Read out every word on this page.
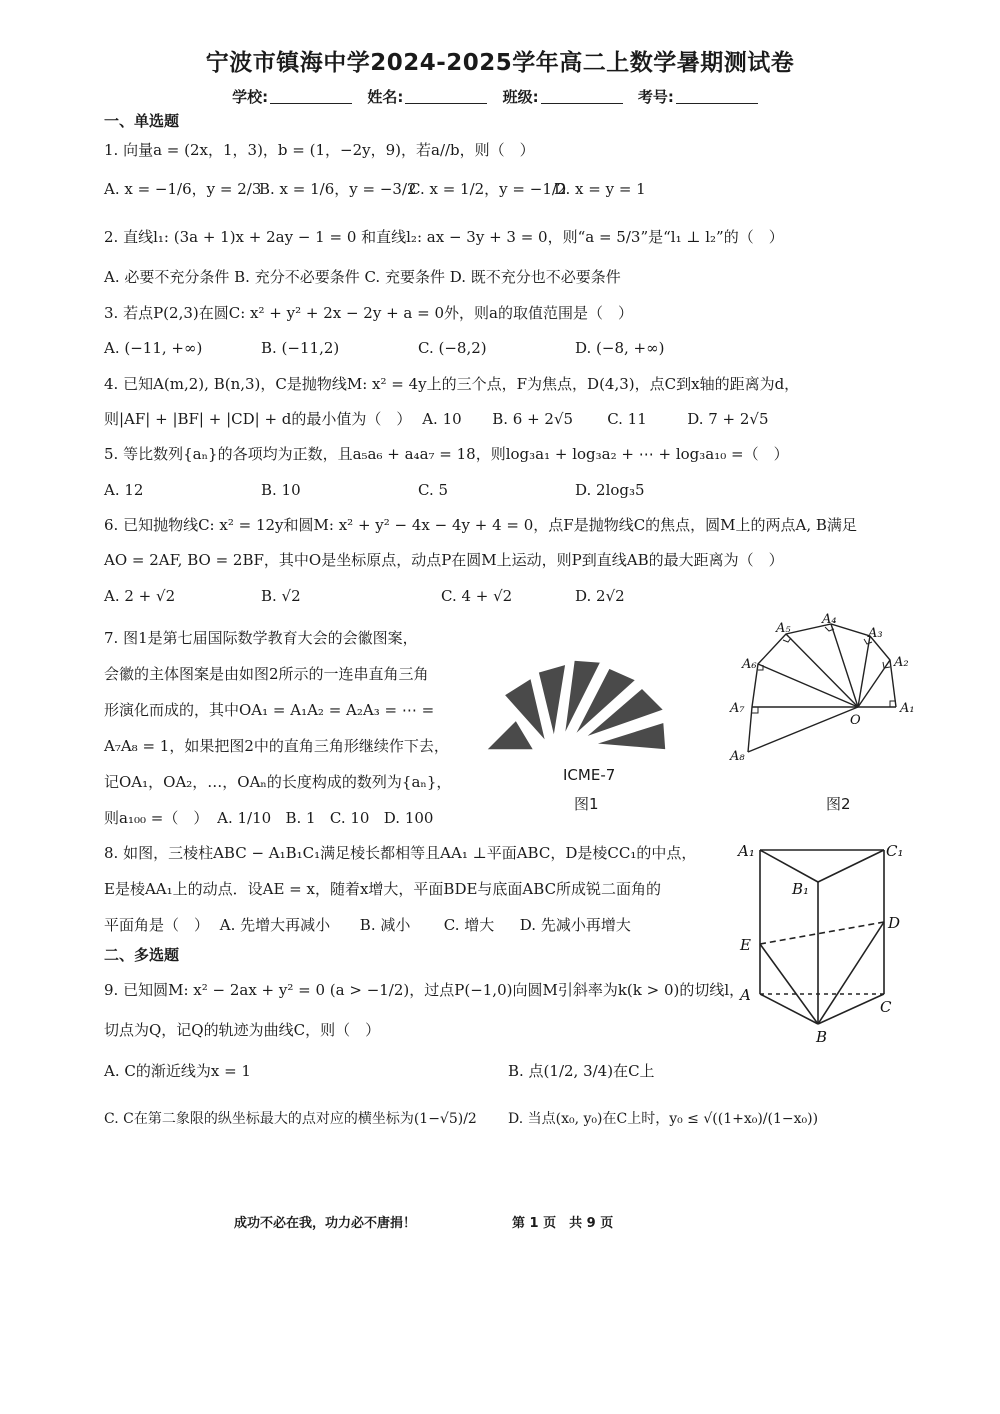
宁波市镇海中学2024-2025学年高二上数学暑期测试卷
学校:	姓名:	班级:	考号:
一、单选题
1. 向量a = (2x，1，3)，b = (1，−2y，9)，若a//b，则（　）
A. x = −1/6，y = 2/3B. x = 1/6，y = −3/2C. x = 1/2，y = −1/2D. x = y = 1
2. 直线l₁: (3a + 1)x + 2ay − 1 = 0 和直线l₂: ax − 3y + 3 = 0，则“a = 5/3”是“l₁ ⊥ l₂”的（　）
A. 必要不充分条件 B. 充分不必要条件 C. 充要条件 D. 既不充分也不必要条件
3. 若点P(2,3)在圆C: x² + y² + 2x − 2y + a = 0外，则a的取值范围是（　）
A. (−11, +∞)	B. (−11,2)	C. (−8,2)	D. (−8, +∞)
4. 已知A(m,2), B(n,3)，C是抛物线M: x² = 4y上的三个点，F为焦点，D(4,3)，点C到x轴的距离为d，
则|AF| + |BF| + |CD| + d的最小值为（　） A. 10 B. 6 + 2√5 C. 11	D. 7 + 2√5
5. 等比数列{aₙ}的各项均为正数，且a₅a₆ + a₄a₇ = 18，则log₃a₁ + log₃a₂ + ⋯ + log₃a₁₀ =（　）
A. 12	B. 10	C. 5	D. 2log₃5
6. 已知抛物线C: x² = 12y和圆M: x² + y² − 4x − 4y + 4 = 0，点F是抛物线C的焦点，圆M上的两点A, B满足
AO = 2AF, BO = 2BF，其中O是坐标原点，动点P在圆M上运动，则P到直线AB的最大距离为（　）
A. 2 + √2	B. √2	C. 4 + √2	D. 2√2
7. 图1是第七届国际数学教育大会的会徽图案，
会徽的主体图案是由如图2所示的一连串直角三角
形演化而成的，其中OA₁ = A₁A₂ = A₂A₃ = ⋯ =
A₇A₈ = 1，如果把图2中的直角三角形继续作下去，
记OA₁，OA₂，…，OAₙ的长度构成的数列为{aₙ}，
则a₁₀₀ =（　） A. 1/10 B. 1 C. 10 D. 100
ICME-7
图1
A₁
A₂
A₃
A₄
A₅
A₆
A₇
A₈
O
图2
8. 如图，三棱柱ABC − A₁B₁C₁满足棱长都相等且AA₁ ⊥平面ABC，D是棱CC₁的中点，
E是棱AA₁上的动点．设AE = x，随着x增大，平面BDE与底面ABC所成锐二面角的
平面角是（　） A. 先增大再减小 B. 减小 C. 增大 D. 先减小再增大
A₁	C₁
B₁
D
E
A
C
B
二、多选题
9. 已知圆M: x² − 2ax + y² = 0 (a > −1/2)，过点P(−1,0)向圆M引斜率为k(k > 0)的切线l，
切点为Q，记Q的轨迹为曲线C，则（　）
A. C的渐近线为x = 1	B. 点(1/2, 3/4)在C上
C. C在第二象限的纵坐标最大的点对应的横坐标为(1−√5)/2 D. 当点(x₀, y₀)在C上时，y₀ ≤ √((1+x₀)/(1−x₀))
成功不必在我，功力必不唐捐！	第 1 页　共 9 页
